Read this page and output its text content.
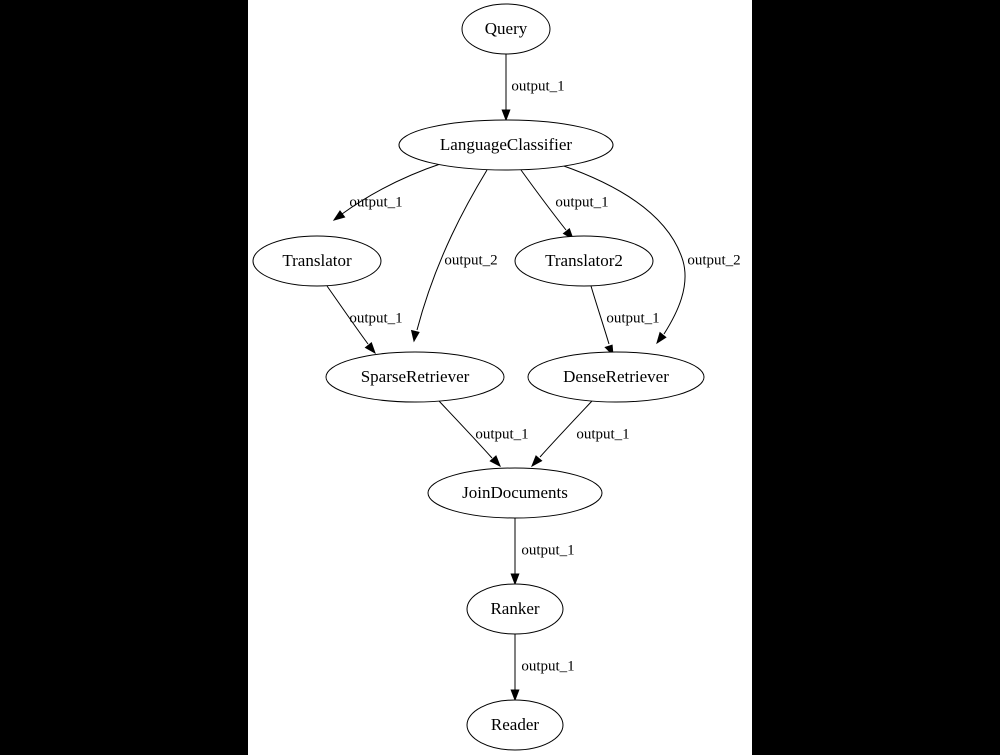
output_1
output_1
output_2
output_1
output_2
output_1	output_1
output_1	output_1
output_1
output_1
Query
LanguageClassifier
Translator	Translator2
SparseRetriever	DenseRetriever
JoinDocuments
Ranker
Reader
